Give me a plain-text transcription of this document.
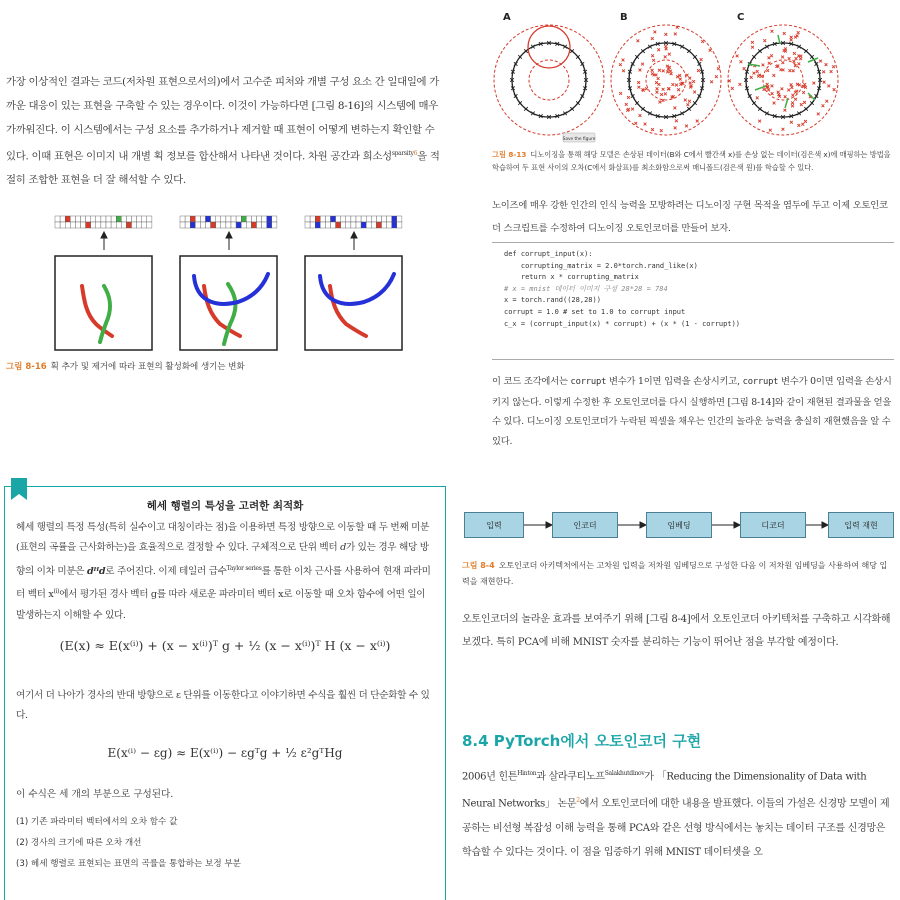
가장 이상적인 결과는 코드(저차원 표현으로서의)에서 고수준 피처와 개별 구성 요소 간 일대일에 가까운 대응이 있는 표현을 구축할 수 있는 경우이다. 이것이 가능하다면 [그림 8-16]의 시스템에 매우 가까워진다. 이 시스템에서는 구성 요소를 추가하거나 제거할 때 표현이 어떻게 변하는지 확인할 수 있다. 이때 표현은 이미지 내 개별 획 정보를 합산해서 나타낸 것이다. 차원 공간과 희소성$^{sparsity6}$을 적절히 조합한 표현을 더 잘 해석할 수 있다.
그림 8-16 획 추가 및 제거에 따라 표현의 활성화에 생기는 변화
A	B	C
Save the figure
그림 8-13 디노이징을 통해 해당 모델은 손상된 데이터(B와 C에서 빨간색 x)를 손상 없는 데이터(검은색 x)에 매핑하는 방법을 학습하여 두 표현 사이의 오차(C에서 화살표)를 최소화함으로써 매니폴드(검은색 원)를 학습할 수 있다.
노이즈에 매우 강한 인간의 인식 능력을 모방하려는 디노이징 구현 목적을 염두에 두고 이제 오토인코더 스크립트를 수정하여 디노이징 오토인코더를 만들어 보자.
def corrupt_input(x):
corrupting_matrix = 2.0*torch.rand_like(x)
return x * corrupting_matrix
# x = mnist 데이터 이미지 구성 28*28 = 784
x = torch.rand((28,28))
corrupt = 1.0 # set to 1.0 to corrupt input
c_x = (corrupt_input(x) * corrupt) + (x * (1 - corrupt))
이 코드 조각에서는 corrupt 변수가 1이면 입력을 손상시키고, corrupt 변수가 0이면 입력을 손상시키지 않는다. 이렇게 수정한 후 오토인코더를 다시 실행하면 [그림 8-14]와 같이 재현된 결과물을 얻을 수 있다. 디노이징 오토인코더가 누락된 픽셀을 채우는 인간의 놀라운 능력을 충실히 재현했음을 알 수 있다.
헤세 행렬의 특성을 고려한 최적화
헤세 행렬의 특정 특성(특히 실수이고 대칭이라는 점)을 이용하면 특정 방향으로 이동할 때 두 번째 미분(표현의 곡률을 근사화하는)을 효율적으로 결정할 수 있다. 구체적으로 단위 벡터 d가 있는 경우 해당 방향의 이차 미분은 dᴴd로 주어진다. 이제 테일러 급수$^{Taylor series}$를 통한 이차 근사를 사용하여 현재 파라미터 벡터 $x^{(i)}$에서 평가된 경사 벡터 g를 따라 새로운 파라미터 벡터 x로 이동할 때 오차 함수에 어떤 일이 발생하는지 이해할 수 있다.
(E(x) ≈ E(x⁽ⁱ⁾) + (x − x⁽ⁱ⁾)ᵀ g + ½ (x − x⁽ⁱ⁾)ᵀ H (x − x⁽ⁱ⁾)
여기서 더 나아가 경사의 반대 방향으로 ε 단위를 이동한다고 이야기하면 수식을 훨씬 더 단순화할 수 있다.
E(x⁽ⁱ⁾ − εg) ≈ E(x⁽ⁱ⁾) − εgᵀg + ½ ε²gᵀHg
이 수식은 세 개의 부분으로 구성된다.
(1) 기존 파라미터 벡터에서의 오차 함수 값
(2) 경사의 크기에 따른 오차 개선
(3) 헤세 행렬로 표현되는 표면의 곡률을 통합하는 보정 부분
입력	인코더	임베딩	디코더	입력 재현
그림 8-4 오토인코더 아키텍처에서는 고차원 입력을 저차원 임베딩으로 구성한 다음 이 저차원 임베딩을 사용하여 해당 입력을 재현한다.
오토인코더의 놀라운 효과를 보여주기 위해 [그림 8-4]에서 오토인코더 아키텍처를 구축하고 시각화해 보겠다. 특히 PCA에 비해 MNIST 숫자를 분리하는 기능이 뛰어난 점을 부각할 예정이다.
8.4 PyTorch에서 오토인코더 구현
2006년 힌튼$^{Hinton}$과 살라쿠티노프$^{Salakhutdinov}$가 「Reducing the Dimensionality of Data with Neural Networks」 논문$^2$에서 오토인코더에 대한 내용을 발표했다. 이들의 가설은 신경망 모델이 제공하는 비선형 복잡성 이해 능력을 통해 PCA와 같은 선형 방식에서는 놓치는 데이터 구조를 신경망은 학습할 수 있다는 것이다. 이 점을 입증하기 위해 MNIST 데이터셋을 오
